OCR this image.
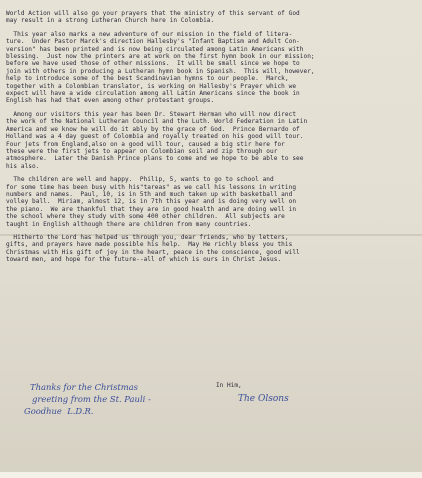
World Action will also go your prayers that the ministry of this servant of God
may result in a strong Lutheran Church here in Colombia.

This year also marks a new adventure of our mission in the field of litera-
ture.  Under Pastor Marck's direction Hallesby's "Infant Baptism and Adult Con-
version" has been printed and is now being circulated among Latin Americans with
blessing.  Just now the printers are at work on the first hymn book in our mission;
before we have used those of other missions.  It will be small since we hope to
join with others in producing a Lutheran hymn book in Spanish.  This will, however,
help to introduce some of the best Scandinavian hymns to our people.  Marck,
together with a Colombian translator, is working on Hallesby's Prayer which we
expect will have a wide circulation among all Latin Americans since the book in
English has had that even among other protestant groups.

Among our visitors this year has been Dr. Stewart Herman who will now direct
the work of the National Lutheran Council and the Luth. World Federation in Latin
America and we know he will do it ably by the grace of God.  Prince Bernardo of
Holland was a 4 day guest of Colombia and royally treated on his good will tour.
Four jets from England,also on a good will tour, caused a big stir here for
these were the first jets to appear on Colombian soil and zip through our
atmosphere.  Later the Danish Prince plans to come and we hope to be able to see
his also.

The children are well and happy.  Philip, 5, wants to go to school and
for some time has been busy with his"tareas" as we call his lessons in writing
numbers and names.  Paul, 10, is in 5th and much taken up with basketball and
volley ball.  Miriam, almost 12, is in 7th this year and is doing very well on
the piano.  We are thankful that they are in good health and are doing well in
the school where they study with some 400 other children.  All subjects are
taught in English although there are children from many countries.

Hitherto the Lord has helped us through you, dear friends, who by letters,
gifts, and prayers have made possible his help.  May He richly bless you this
Christmas with His gift of joy in the heart, peace in the conscience, good will
toward men, and hope for the future--all of which is ours in Christ Jesus.

In Him,
Thanks for the Christmas
greeting from the St. Pauli -
Goodhue  L.D.R.
The Olsons
